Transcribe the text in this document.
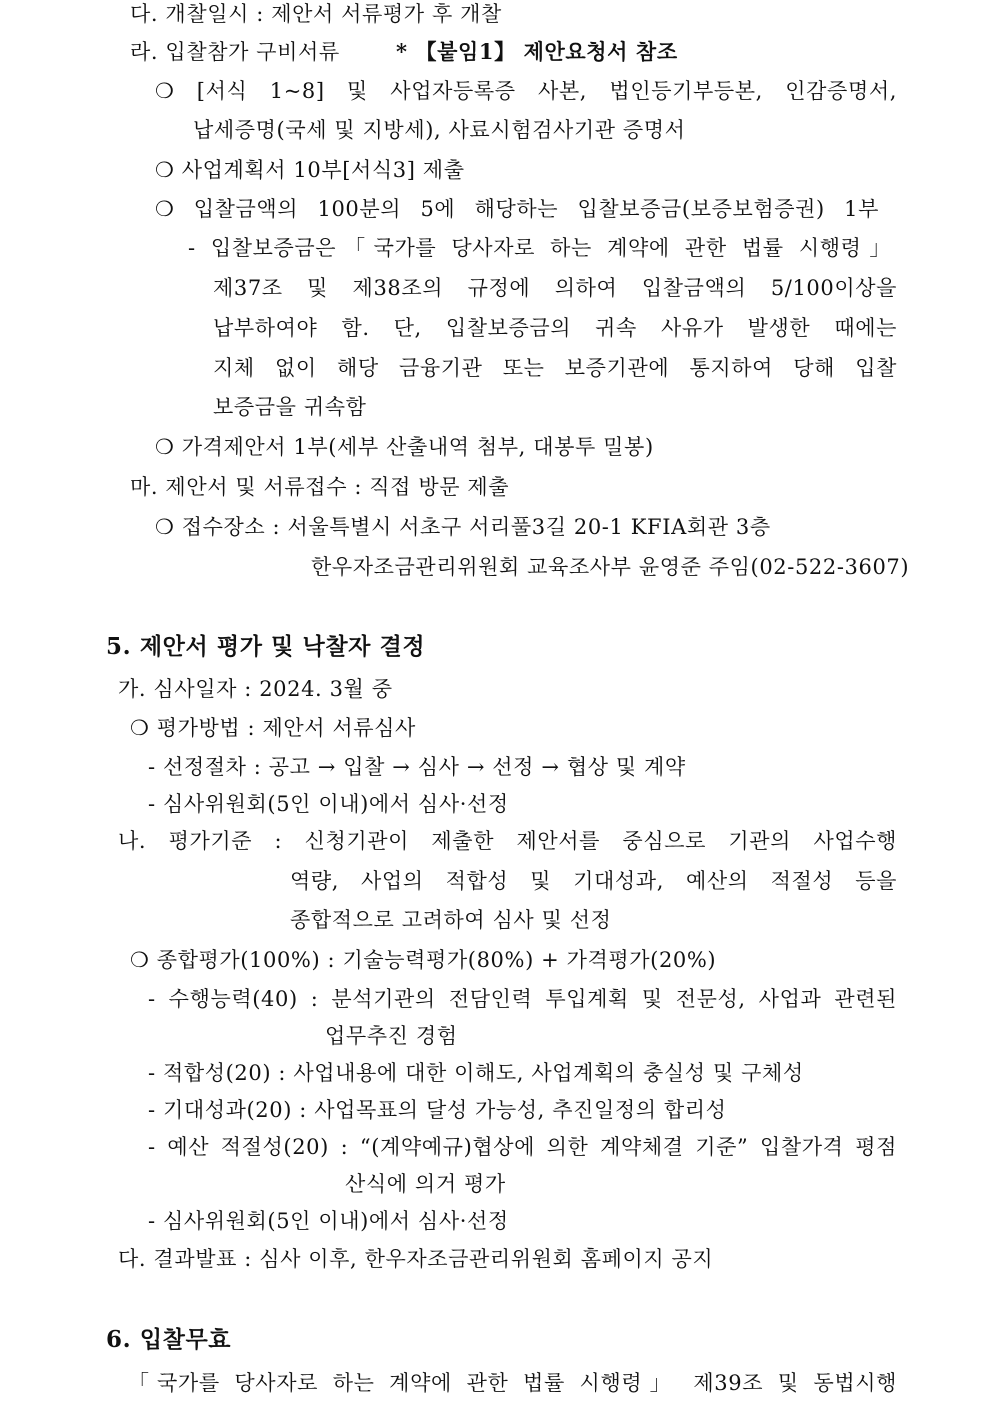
다. 개찰일시 : 제안서 서류평가 후 개찰
라. 입찰참가 구비서류	* 【붙임1】 제안요청서 참조
❍ [서식 1~8] 및 사업자등록증 사본, 법인등기부등본, 인감증명서,
납세증명(국세 및 지방세), 사료시험검사기관 증명서
❍ 사업계획서 10부[서식3] 제출
❍ 입찰금액의 100분의 5에 해당하는 입찰보증금(보증보험증권) 1부
- 입찰보증금은「국가를 당사자로 하는 계약에 관한 법률 시행령」
제37조 및 제38조의 규정에 의하여 입찰금액의 5/100이상을
납부하여야 함. 단, 입찰보증금의 귀속 사유가 발생한 때에는
지체 없이 해당 금융기관 또는 보증기관에 통지하여 당해 입찰
보증금을 귀속함
❍ 가격제안서 1부(세부 산출내역 첨부, 대봉투 밀봉)
마. 제안서 및 서류접수 : 직접 방문 제출
❍ 접수장소 : 서울특별시 서초구 서리풀3길 20-1 KFIA회관 3층
한우자조금관리위원회 교육조사부 윤영준 주임(02-522-3607)
5. 제안서 평가 및 낙찰자 결정
가. 심사일자 : 2024. 3월 중
❍ 평가방법 : 제안서 서류심사
- 선정절차 : 공고 → 입찰 → 심사 → 선정 → 협상 및 계약
- 심사위원회(5인 이내)에서 심사·선정
나. 평가기준 : 신청기관이 제출한 제안서를 중심으로 기관의 사업수행
역량, 사업의 적합성 및 기대성과, 예산의 적절성 등을
종합적으로 고려하여 심사 및 선정
❍ 종합평가(100%) : 기술능력평가(80%) + 가격평가(20%)
- 수행능력(40) : 분석기관의 전담인력 투입계획 및 전문성, 사업과 관련된
업무추진 경험
- 적합성(20) : 사업내용에 대한 이해도, 사업계획의 충실성 및 구체성
- 기대성과(20) : 사업목표의 달성 가능성, 추진일정의 합리성
- 예산 적절성(20) : “(계약예규)협상에 의한 계약체결 기준” 입찰가격 평점
산식에 의거 평가
- 심사위원회(5인 이내)에서 심사·선정
다. 결과발표 : 심사 이후, 한우자조금관리위원회 홈페이지 공지
6. 입찰무효
「국가를 당사자로 하는 계약에 관한 법률 시행령」 제39조 및 동법시행
